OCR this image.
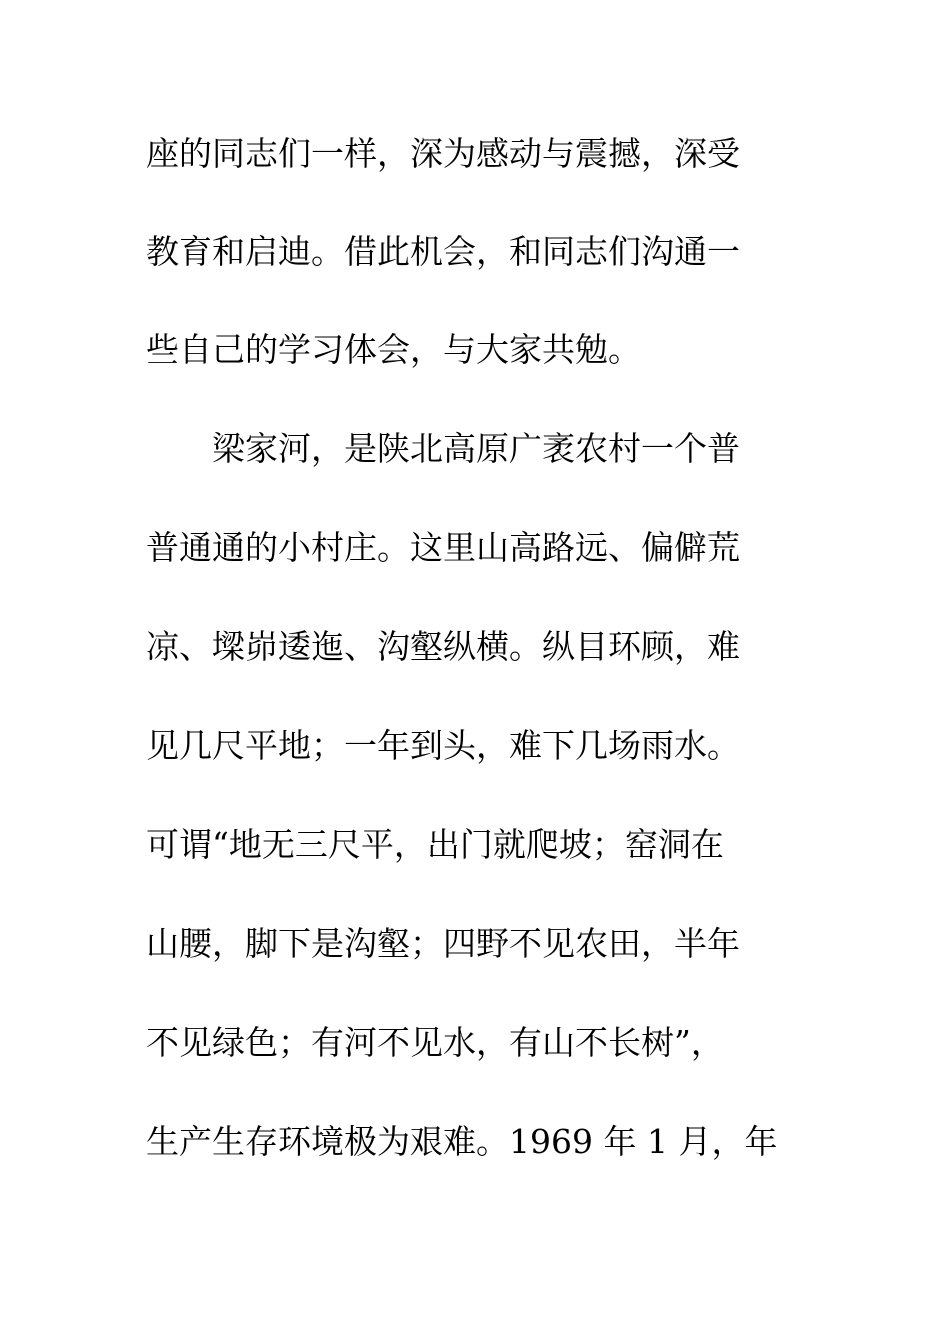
座的同志们一样，深为感动与震撼，深受
教育和启迪。借此机会，和同志们沟通一
些自己的学习体会，与大家共勉。
梁家河，是陕北高原广袤农村一个普
普通通的小村庄。这里山高路远、偏僻荒
凉、墚峁逶迤、沟壑纵横。纵目环顾，难
见几尺平地；一年到头，难下几场雨水。
可谓“地无三尺平，出门就爬坡；窑洞在
山腰，脚下是沟壑；四野不见农田，半年
不见绿色；有河不见水，有山不长树”，
生产生存环境极为艰难。1969 年 1 月，年
